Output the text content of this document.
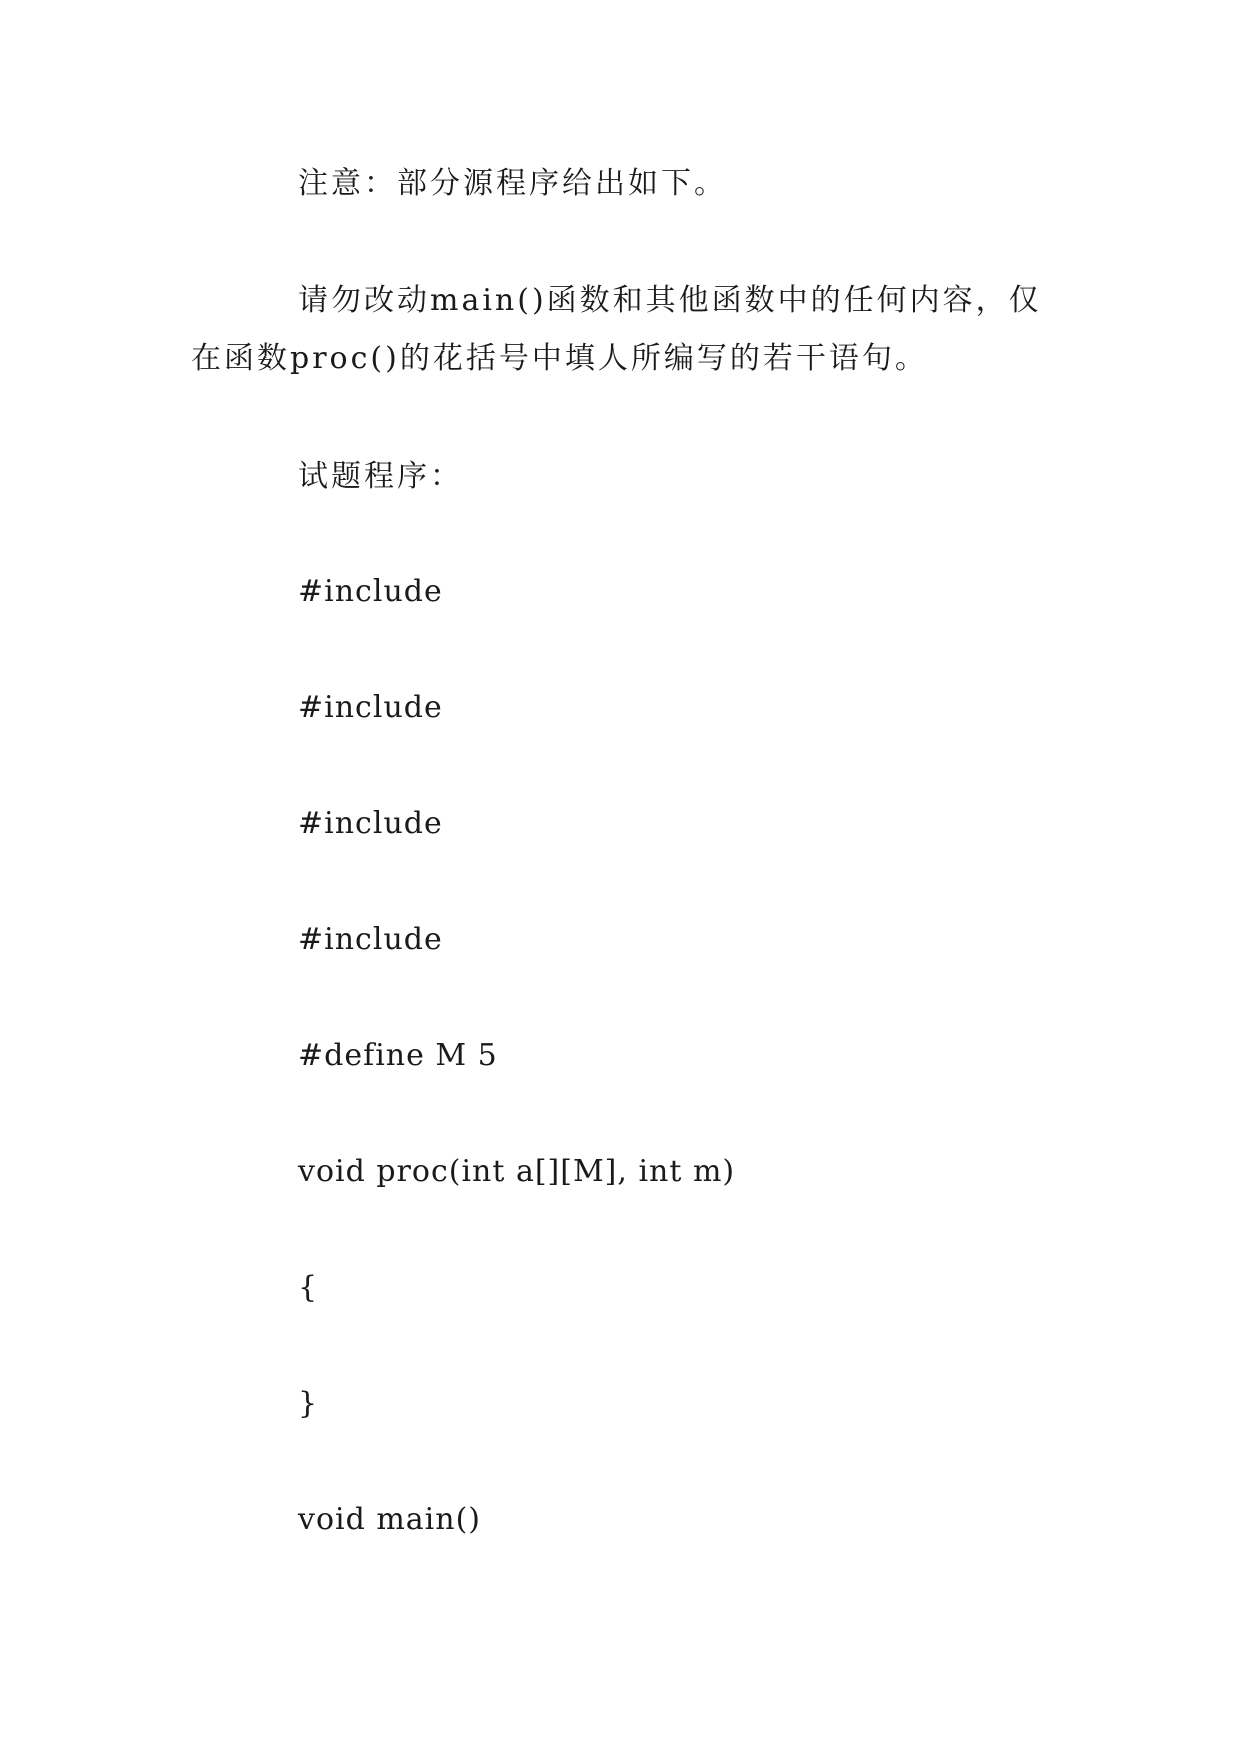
注意：部分源程序给出如下。
请勿改动main()函数和其他函数中的任何内容，仅在函数proc()的花括号中填人所编写的若干语句。
试题程序：
#include
#include
#include
#include
#define M 5
void proc(int a[][M], int m)
{
}
void main()
